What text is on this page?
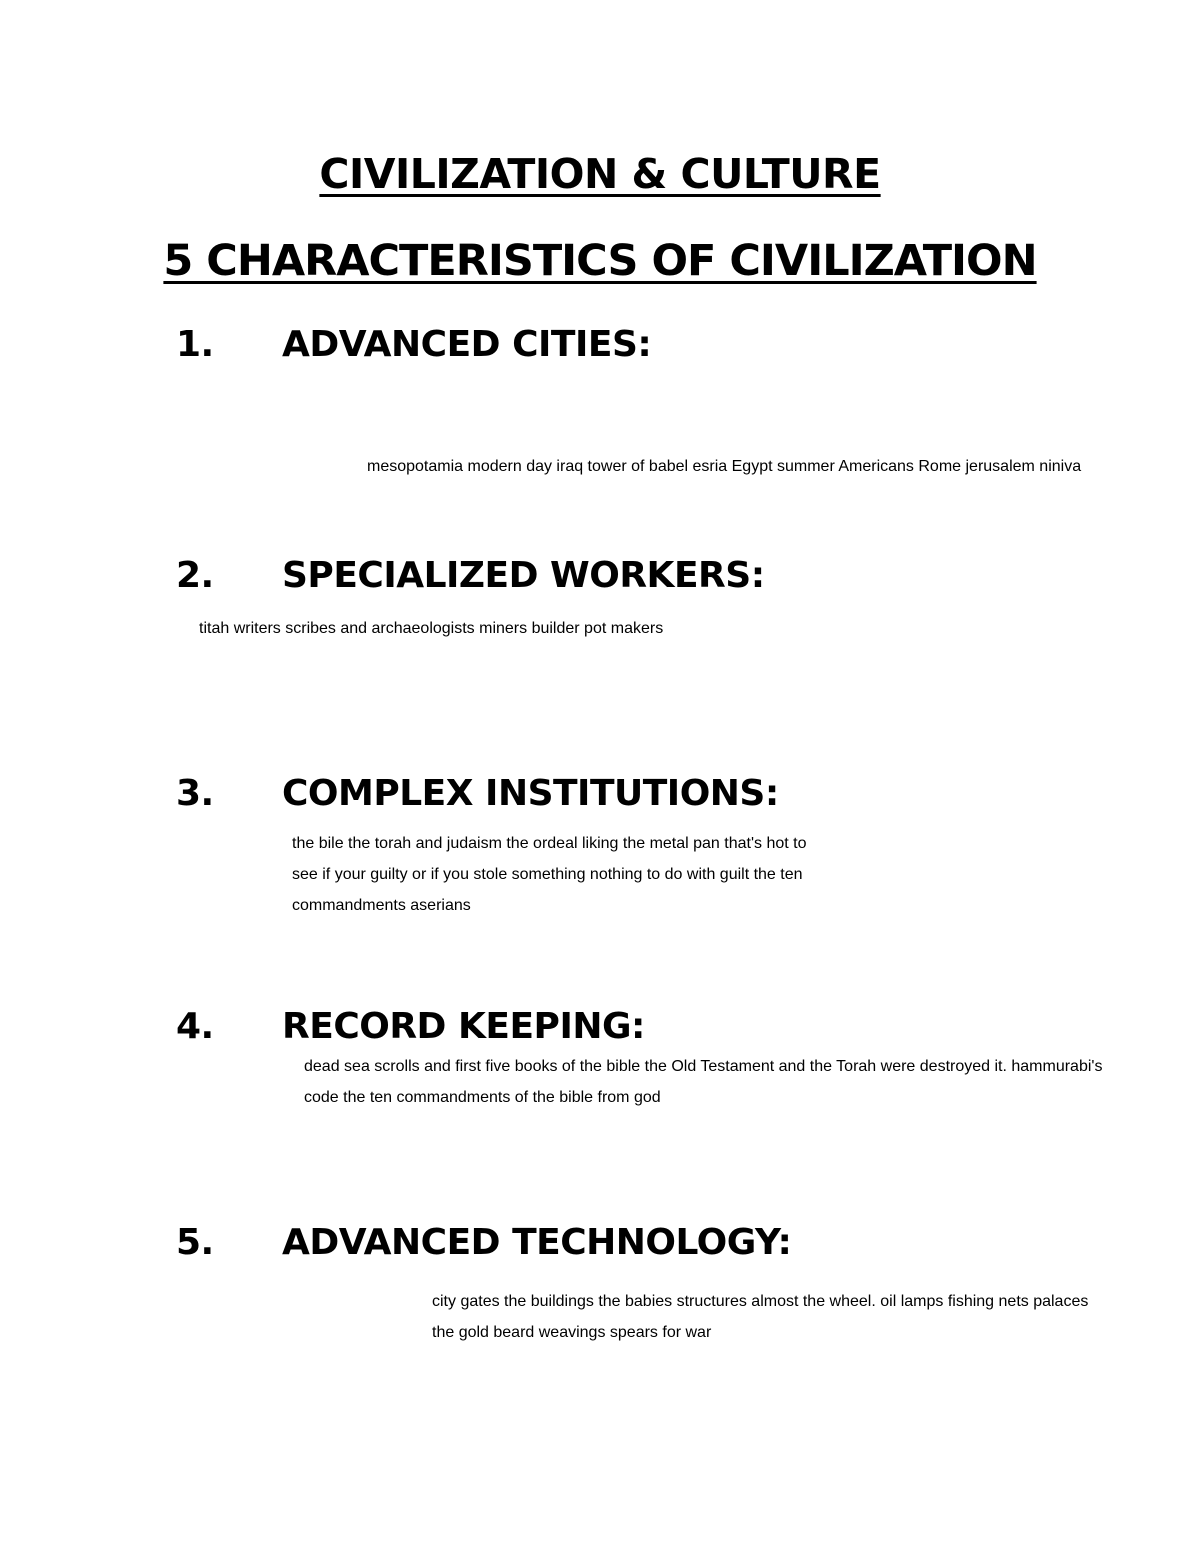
CIVILIZATION & CULTURE
5 CHARACTERISTICS OF CIVILIZATION
1. ADVANCED CITIES:
mesopotamia modern day iraq tower of babel esria Egypt summer Americans Rome jerusalem niniva
2. SPECIALIZED WORKERS:
titah writers scribes and archaeologists miners builder pot makers
3. COMPLEX INSTITUTIONS:
the bile the torah and judaism the ordeal liking the metal pan that's hot to
see if your guilty or if you stole something nothing to do with guilt the ten
commandments aserians
4. RECORD KEEPING:
dead sea scrolls and first five books of the bible the Old Testament and the Torah were destroyed it. hammurabi's
code the ten commandments of the bible from god
5. ADVANCED TECHNOLOGY:
city gates the buildings the babies structures almost the wheel. oil lamps fishing nets palaces
the gold beard weavings spears for war
